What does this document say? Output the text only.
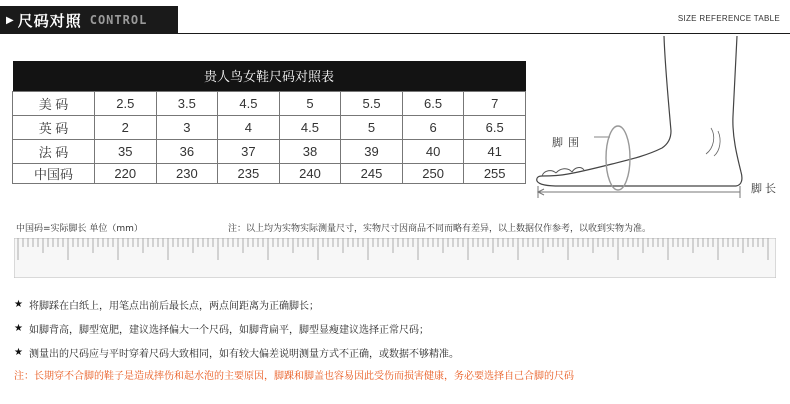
▶ 尺码对照 CONTROL	SIZE REFERENCE TABLE
贵人鸟女鞋尺码对照表							
美 码	2.5	3.5	4.5	5	5.5	6.5	7
英 码	2	3	4	4.5	5	6	6.5
法 码	35	36	37	38	39	40	41
中国码	220	230	235	240	245	250	255
脚围
脚长
中国码=实际脚长 单位（mm）	注：以上均为实物实际测量尺寸，实物尺寸因商品不同而略有差异，以上数据仅作参考，以收到实物为准。
★ 将脚踩在白纸上，用笔点出前后最长点，两点间距离为正确脚长；
★ 如脚背高，脚型宽肥，建议选择偏大一个尺码，如脚背扁平，脚型显瘦建议选择正常尺码；
★ 测量出的尺码应与平时穿着尺码大致相同，如有较大偏差说明测量方式不正确，或数据不够精准。
注：长期穿不合脚的鞋子是造成摔伤和起水泡的主要原因，脚踝和脚盖也容易因此受伤而损害健康，务必要选择自己合脚的尺码
